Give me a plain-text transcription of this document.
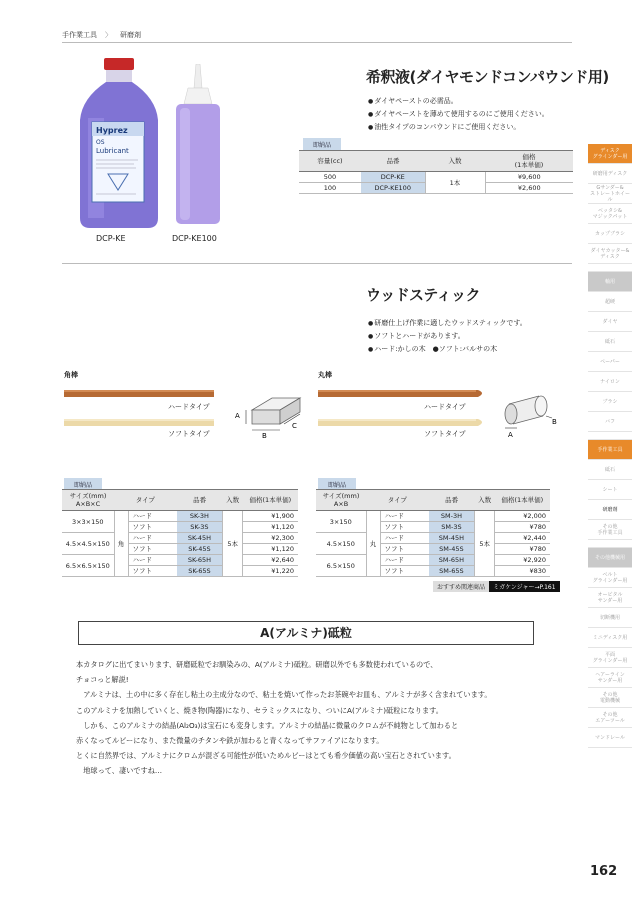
手作業工具 〉 研磨剤
Hyprez
OS
Lubricant
DCP-KE	DCP-KE100
希釈液(ダイヤモンドコンパウンド用)
● ダイヤペーストの必需品。
● ダイヤペーストを薄めて使用するのにご使用ください。
● 油性タイプのコンパウンドにご使用ください。
即納品
容量(cc)	品番	入数	価格
(1本単価)
500	DCP-KE	1本	¥9,600
100	DCP-KE100		¥2,600
ウッドスティック
● 研磨仕上げ作業に適したウッドスティックです。
● ソフトとハードがあります。
● ハード:かしの木　●ソフト:バルサの木
角棒	丸棒
ハードタイプ
ソフトタイプ
A
B
C
ハードタイプ
ソフトタイプ	A
B
即納品	即納品
サイズ(mm)
A×B×C	タイプ		品番	入数	価格(1本単価)
3×3×150	角	ハード	SK-3H	5本	¥1,900
		ソフト	SK-3S		¥1,120
4.5×4.5×150		ハード	SK-45H		¥2,300
		ソフト	SK-45S		¥1,120
6.5×6.5×150		ハード	SK-65H		¥2,640
		ソフト	SK-65S		¥1,220
サイズ(mm)
A×B	タイプ		品番	入数	価格(1本単価)
3×150	丸	ハード	SM-3H	5本	¥2,000
		ソフト	SM-3S		¥780
4.5×150		ハード	SM-45H		¥2,440
		ソフト	SM-45S		¥780
6.5×150		ハード	SM-65H		¥2,920
		ソフト	SM-65S		¥830
おすすめ関連商品	ミガケンジャー→P.161
A(アルミナ)砥粒
本カタログに出てまいります、研磨砥粒でお馴染みの、A(アルミナ)砥粒。研磨以外でも多数使われているので、
チョコっと解説!
　アルミナは、土の中に多く存在し粘土の主成分なので、粘土を焼いて作ったお茶碗やお皿も、アルミナが多く含まれています。
このアルミナを加熱していくと、焼き物(陶器)になり、セラミックスになり、ついにA(アルミナ)砥粒になります。
　しかも、このアルミナの結晶(Al₂O₃)は宝石にも変身します。アルミナの結晶に微量のクロムが不純物として加わると
赤くなってルビーになり、また微量のチタンや鉄が加わると青くなってサファイアになります。
とくに自然界では、アルミナにクロムが混ざる可能性が低いためルビーはとても希少価値の高い宝石とされています。
　地球って、凄いですね…
ディスク
グラインダー用
研磨用ディスク
Gサンダー&
ストレートホイール
ベッタシ&
マジックパット
カップブラシ
ダイヤカッター&
ディスク
軸用
超硬
ダイヤ
砥石
ペーパー
ナイロン
ブラシ
バフ
手作業工具
砥石
シート
研磨剤
その他
手作業工具
その他機械用
ベルト
グラインダー用
オービタル
サンダー用
切断機用
ミニディスク用
平面
グラインダー用
ヘアーライン
サンダー用
その他
電動機械
その他
エアーツール
マンドレール
162
